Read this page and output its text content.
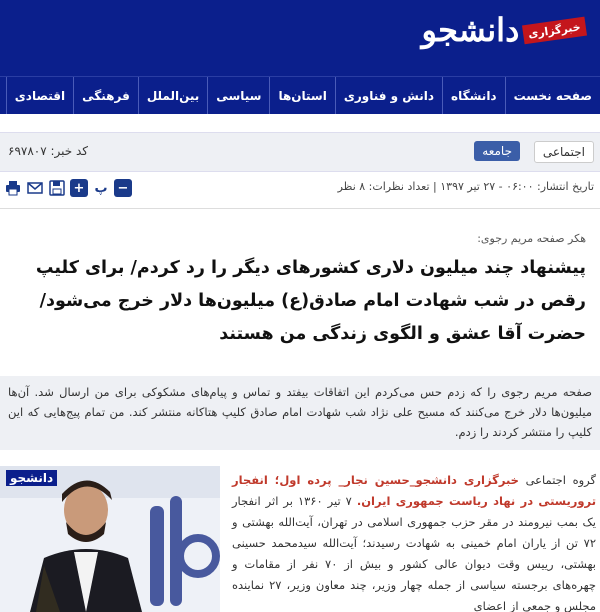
خبرگزاری
دانشجو
صفحه نخست
دانشگاه
دانش و فناوری
استان‌ها
سیاسی
بین‌الملل
فرهنگی
اقتصادی
اجتماعی
جامعه
کد خبر: ۶۹۷۸۰۷
تاریخ انتشار: ۰۶:۰۰ - ۲۷ تیر ۱۳۹۷ | تعداد نظرات: ۸ نظر
+ پ −
هکر صفحه مریم رجوی:
پیشنهاد چند میلیون دلاری کشورهای دیگر را رد کردم/ برای کلیپ رقص در شب شهادت امام صادق(ع) میلیون‌ها دلار خرج می‌شود/ حضرت آقا عشق و الگوی زندگی من هستند

صفحه مریم رجوی را که زدم حس می‌کردم این اتفاقات بیفتد و تماس و پیام‌های مشکوکی برای من ارسال شد. آن‌ها میلیون‌ها دلار خرج می‌کنند که مسیح علی نژاد شب شهادت امام صادق کلیپ هتاکانه منتشر کند. من تمام پیج‌هایی که این کلیپ را منتشر کردند را زدم.

دانشجو	گروه اجتماعی خبرگزاری دانشجو_حسین نجار_ پرده اول؛ انفجار تروریستی در نهاد ریاست جمهوری ایران. ۷ تیر ۱۳۶۰ بر اثر انفجار یک بمب نیرومند در مقر حزب جمهوری اسلامی در تهران، آیت‌الله بهشتی و ۷۲ تن از یاران امام خمینی به شهادت رسیدند؛ آیت‌الله سیدمحمد حسینی بهشتی، رییس وقت دیوان عالی کشور و بیش از ۷۰ نفر از مقامات و چهره‌های برجسته سیاسی از جمله چهار وزیر، چند معاون وزیر، ۲۷ نماینده مجلس و جمعی از اعضای
